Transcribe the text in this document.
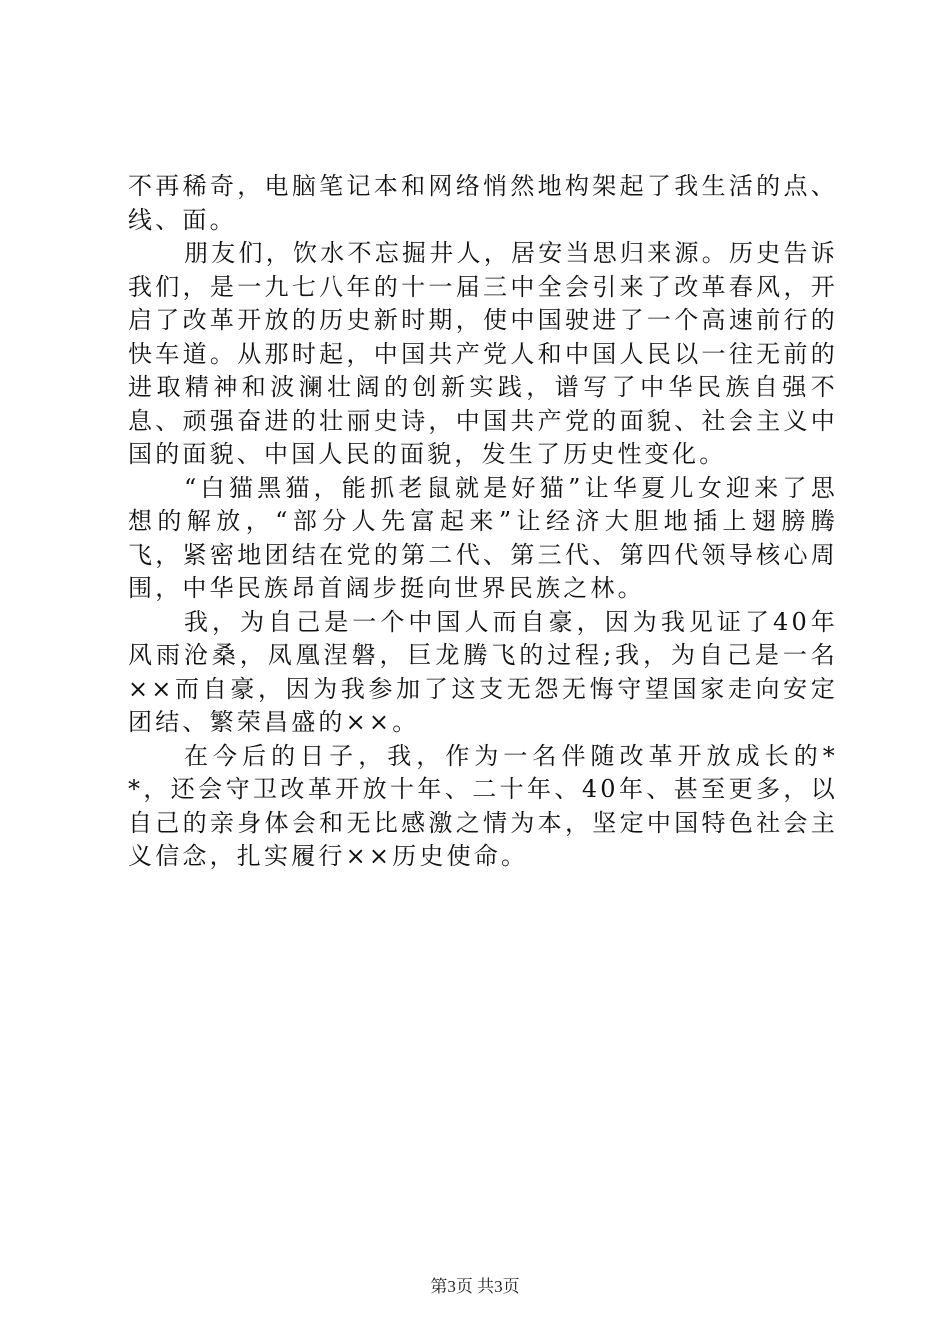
不再稀奇，电脑笔记本和网络悄然地构架起了我生活的点、线、面。

朋友们，饮水不忘掘井人，居安当思归来源。历史告诉我们，是一九七八年的十一届三中全会引来了改革春风，开启了改革开放的历史新时期，使中国驶进了一个高速前行的快车道。从那时起，中国共产党人和中国人民以一往无前的进取精神和波澜壮阔的创新实践，谱写了中华民族自强不息、顽强奋进的壮丽史诗，中国共产党的面貌、社会主义中国的面貌、中国人民的面貌，发生了历史性变化。

“白猫黑猫，能抓老鼠就是好猫”让华夏儿女迎来了思想的解放，“部分人先富起来”让经济大胆地插上翅膀腾飞，紧密地团结在党的第二代、第三代、第四代领导核心周围，中华民族昂首阔步挺向世界民族之林。

我，为自己是一个中国人而自豪，因为我见证了40年风雨沧桑，凤凰涅磐，巨龙腾飞的过程;我，为自己是一名××而自豪，因为我参加了这支无怨无悔守望国家走向安定团结、繁荣昌盛的××。

在今后的日子，我，作为一名伴随改革开放成长的**，还会守卫改革开放十年、二十年、40年、甚至更多，以自己的亲身体会和无比感激之情为本，坚定中国特色社会主义信念，扎实履行××历史使命。

第3页 共3页
